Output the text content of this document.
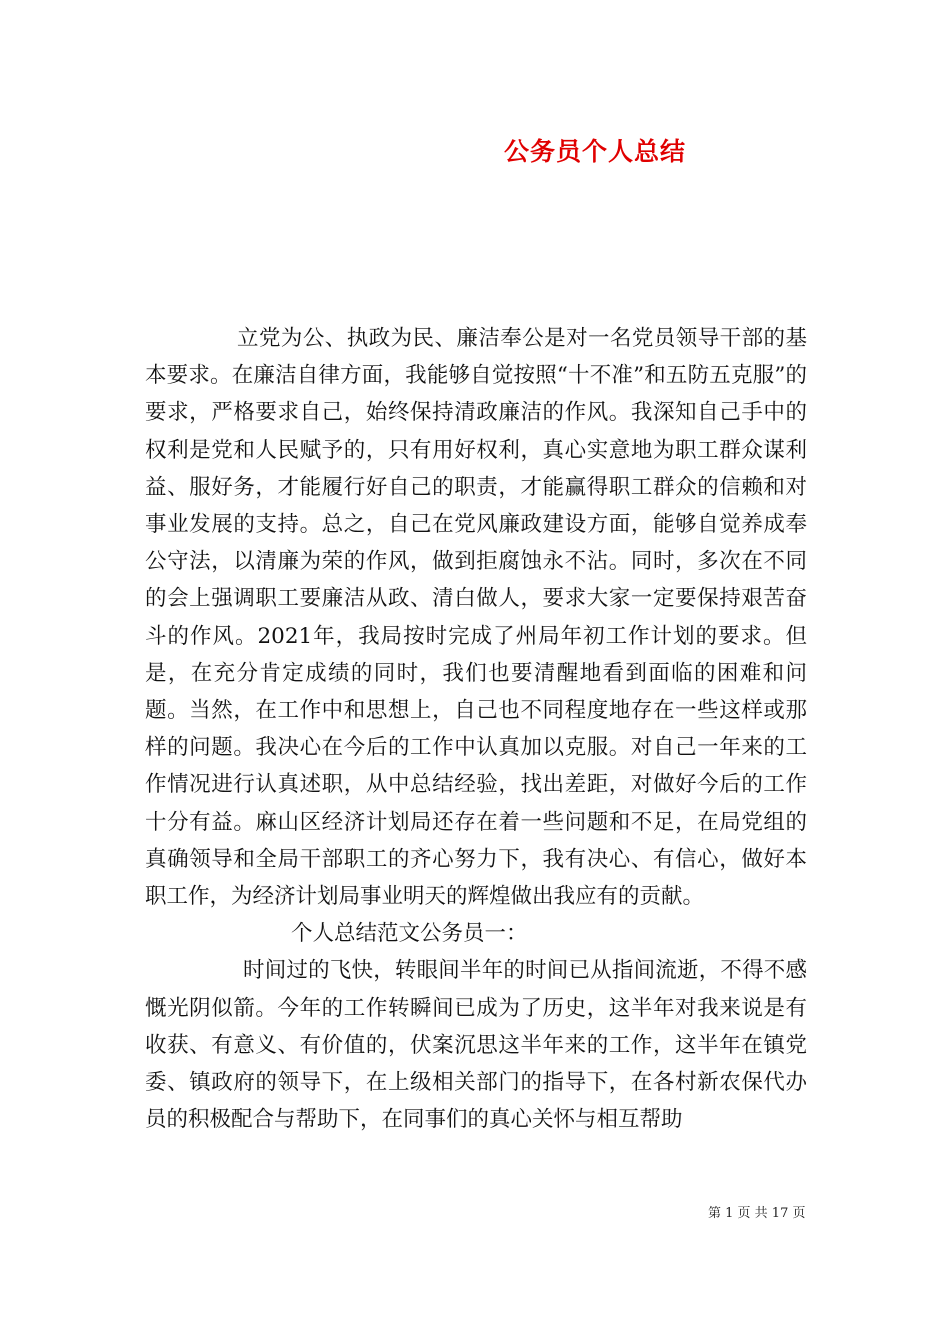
公务员个人总结

立党为公、执政为民、廉洁奉公是对一名党员领导干部的基本要求。在廉洁自律方面，我能够自觉按照“十不准”和五防五克服”的要求，严格要求自己，始终保持清政廉洁的作风。我深知自己手中的权利是党和人民赋予的，只有用好权利，真心实意地为职工群众谋利益、服好务，才能履行好自己的职责，才能赢得职工群众的信赖和对事业发展的支持。总之，自己在党风廉政建设方面，能够自觉养成奉公守法，以清廉为荣的作风，做到拒腐蚀永不沾。同时，多次在不同的会上强调职工要廉洁从政、清白做人，要求大家一定要保持艰苦奋斗的作风。2021年，我局按时完成了州局年初工作计划的要求。但是，在充分肯定成绩的同时，我们也要清醒地看到面临的困难和问题。当然，在工作中和思想上，自己也不同程度地存在一些这样或那样的问题。我决心在今后的工作中认真加以克服。对自己一年来的工作情况进行认真述职，从中总结经验，找出差距，对做好今后的工作十分有益。麻山区经济计划局还存在着一些问题和不足，在局党组的真确领导和全局干部职工的齐心努力下，我有决心、有信心，做好本职工作，为经济计划局事业明天的辉煌做出我应有的贡献。

个人总结范文公务员一：

时间过的飞快，转眼间半年的时间已从指间流逝，不得不感慨光阴似箭。今年的工作转瞬间已成为了历史，这半年对我来说是有收获、有意义、有价值的，伏案沉思这半年来的工作，这半年在镇党委、镇政府的领导下，在上级相关部门的指导下，在各村新农保代办员的积极配合与帮助下，在同事们的真心关怀与相互帮助

第 1 页 共 17 页
